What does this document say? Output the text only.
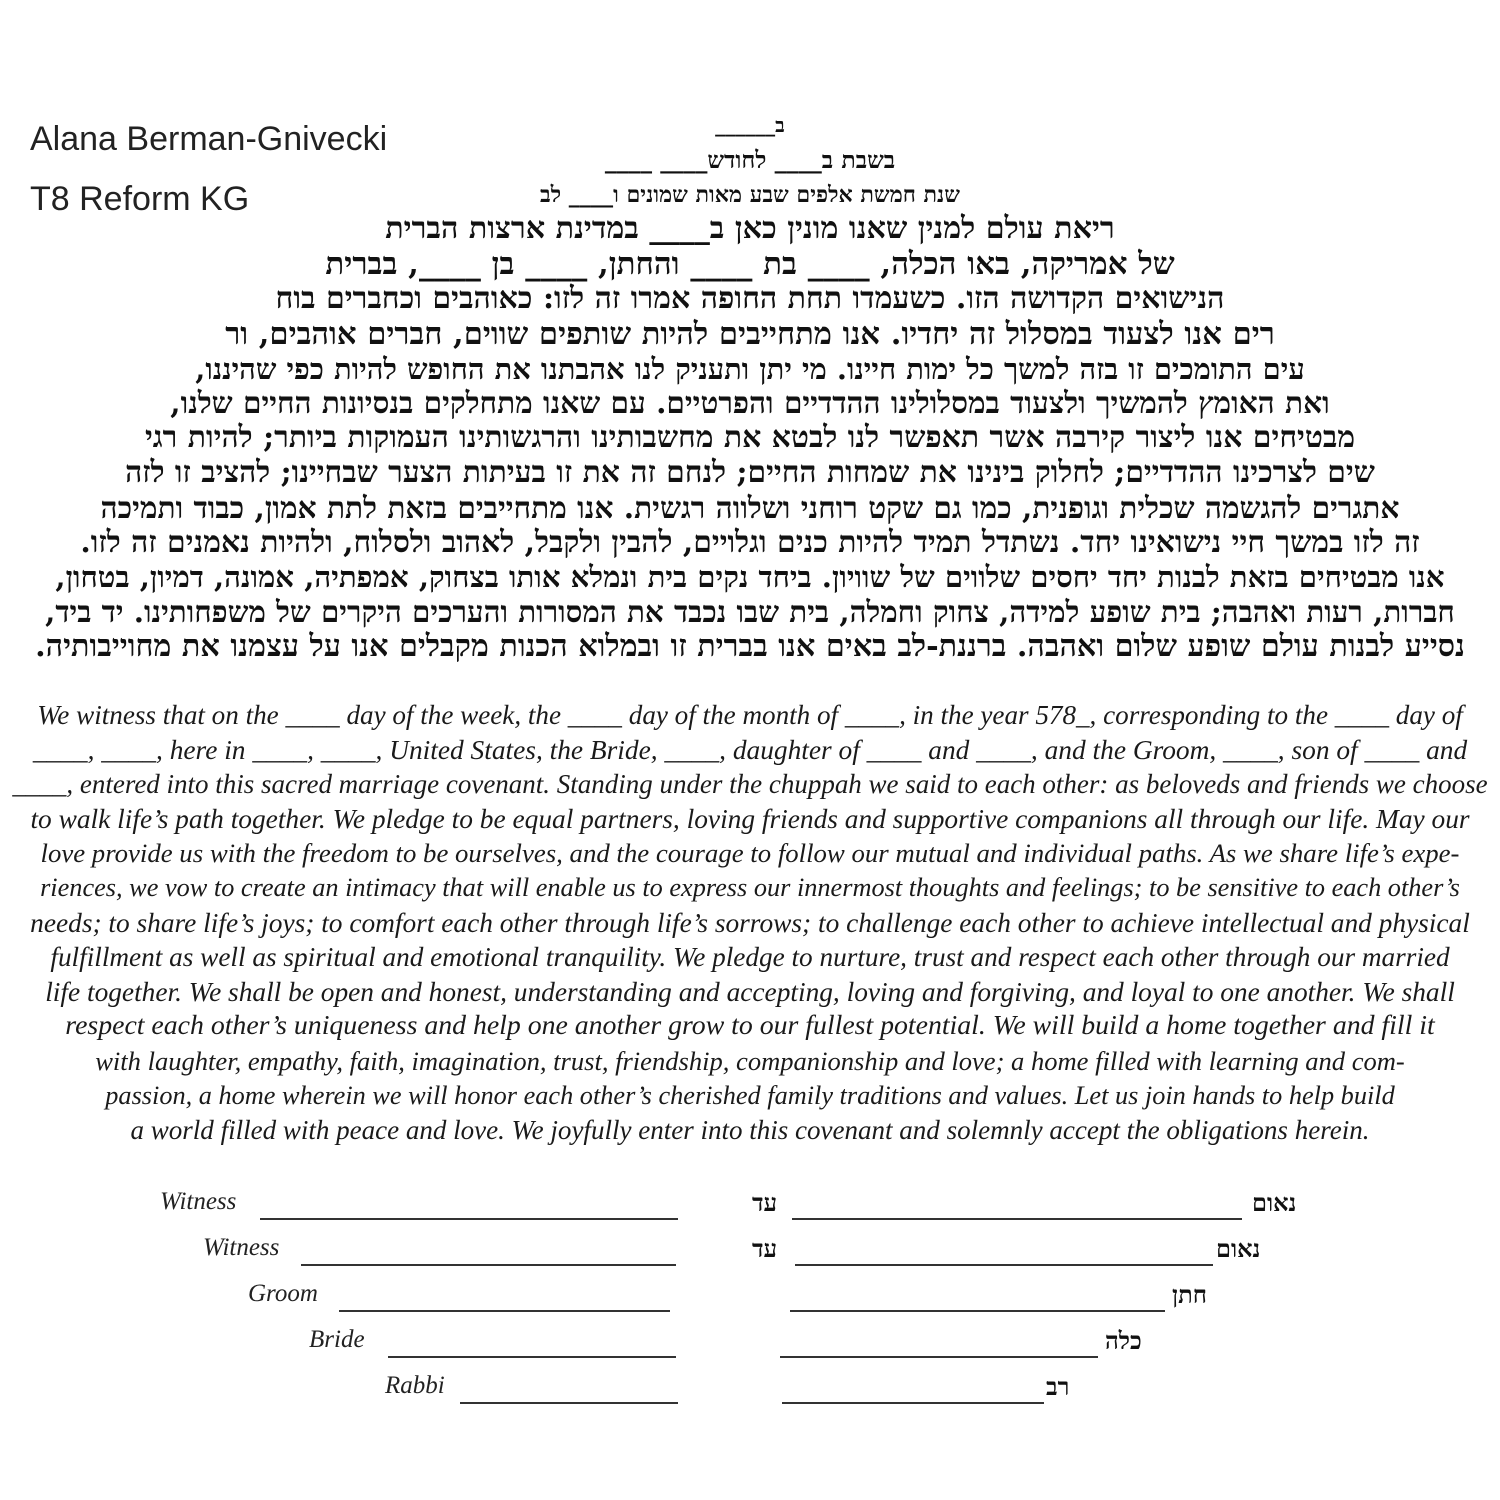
Alana Berman-Gnivecki
T8 Reform KG
ב______
בשבת ב____ לחודש____ ____
שנת חמשת אלפים שבע מאות שמונים ו____ לב
ריאת עולם למנין שאנו מונין כאן ב____ במדינת ארצות הברית
של אמריקה, באו הכלה, ____ בת ____ והחתן, ____ בן ____, בברית
הנישואים הקדושה הזו. כשעמדו תחת החופה אמרו זה לזו: כאוהבים וכחברים בוח
רים אנו לצעוד במסלול זה יחדיו. אנו מתחייבים להיות שותפים שווים, חברים אוהבים, ור
עים התומכים זו בזה למשך כל ימות חיינו. מי יתן ותעניק לנו אהבתנו את החופש להיות כפי שהיננו,
ואת האומץ להמשיך ולצעוד במסלולינו ההדדיים והפרטיים. עם שאנו מתחלקים בנסיונות החיים שלנו,
מבטיחים אנו ליצור קירבה אשר תאפשר לנו לבטא את מחשבותינו והרגשותינו העמוקות ביותר; להיות רגי
שים לצרכינו ההדדיים; לחלוק בינינו את שמחות החיים; לנחם זה את זו בעיתות הצער שבחיינו; להציב זו לזה
אתגרים להגשמה שכלית וגופנית, כמו גם שקט רוחני ושלווה רגשית. אנו מתחייבים בזאת לתת אמון, כבוד ותמיכה
זה לזו במשך חיי נישואינו יחד. נשתדל תמיד להיות כנים וגלויים, להבין ולקבל, לאהוב ולסלוח, ולהיות נאמנים זה לזו.
אנו מבטיחים בזאת לבנות יחד יחסים שלווים של שוויון. ביחד נקים בית ונמלא אותו בצחוק, אמפתיה, אמונה, דמיון, בטחון,
חברות, רעות ואהבה; בית שופע למידה, צחוק וחמלה, בית שבו נכבד את המסורות והערכים היקרים של משפחותינו. יד ביד,
נסייע לבנות עולם שופע שלום ואהבה. ברננת-לב באים אנו בברית זו ובמלוא הכנות מקבלים אנו על עצמנו את מחוייבותיה.
We witness that on the ____ day of the week, the ____ day of the month of ____, in the year 578_, corresponding to the ____ day of
____, ____, here in ____, ____, United States, the Bride, ____, daughter of ____ and ____, and the Groom, ____, son of ____ and
____, entered into this sacred marriage covenant. Standing under the chuppah we said to each other: as beloveds and friends we choose
to walk life’s path together. We pledge to be equal partners, loving friends and supportive companions all through our life. May our
love provide us with the freedom to be ourselves, and the courage to follow our mutual and individual paths. As we share life’s expe-
riences, we vow to create an intimacy that will enable us to express our innermost thoughts and feelings; to be sensitive to each other’s
needs; to share life’s joys; to comfort each other through life’s sorrows; to challenge each other to achieve intellectual and physical
fulfillment as well as spiritual and emotional tranquility. We pledge to nurture, trust and respect each other through our married
life together. We shall be open and honest, understanding and accepting, loving and forgiving, and loyal to one another. We shall
respect each other’s uniqueness and help one another grow to our fullest potential. We will build a home together and fill it
with laughter, empathy, faith, imagination, trust, friendship, companionship and love; a home filled with learning and com-
passion, a home wherein we will honor each other’s cherished family traditions and values. Let us join hands to help build
a world filled with peace and love. We joyfully enter into this covenant and solemnly accept the obligations herein.
Witness	עד	נאום
Witness	עד	נאום
Groom	חתן
Bride	כלה
Rabbi	רב
